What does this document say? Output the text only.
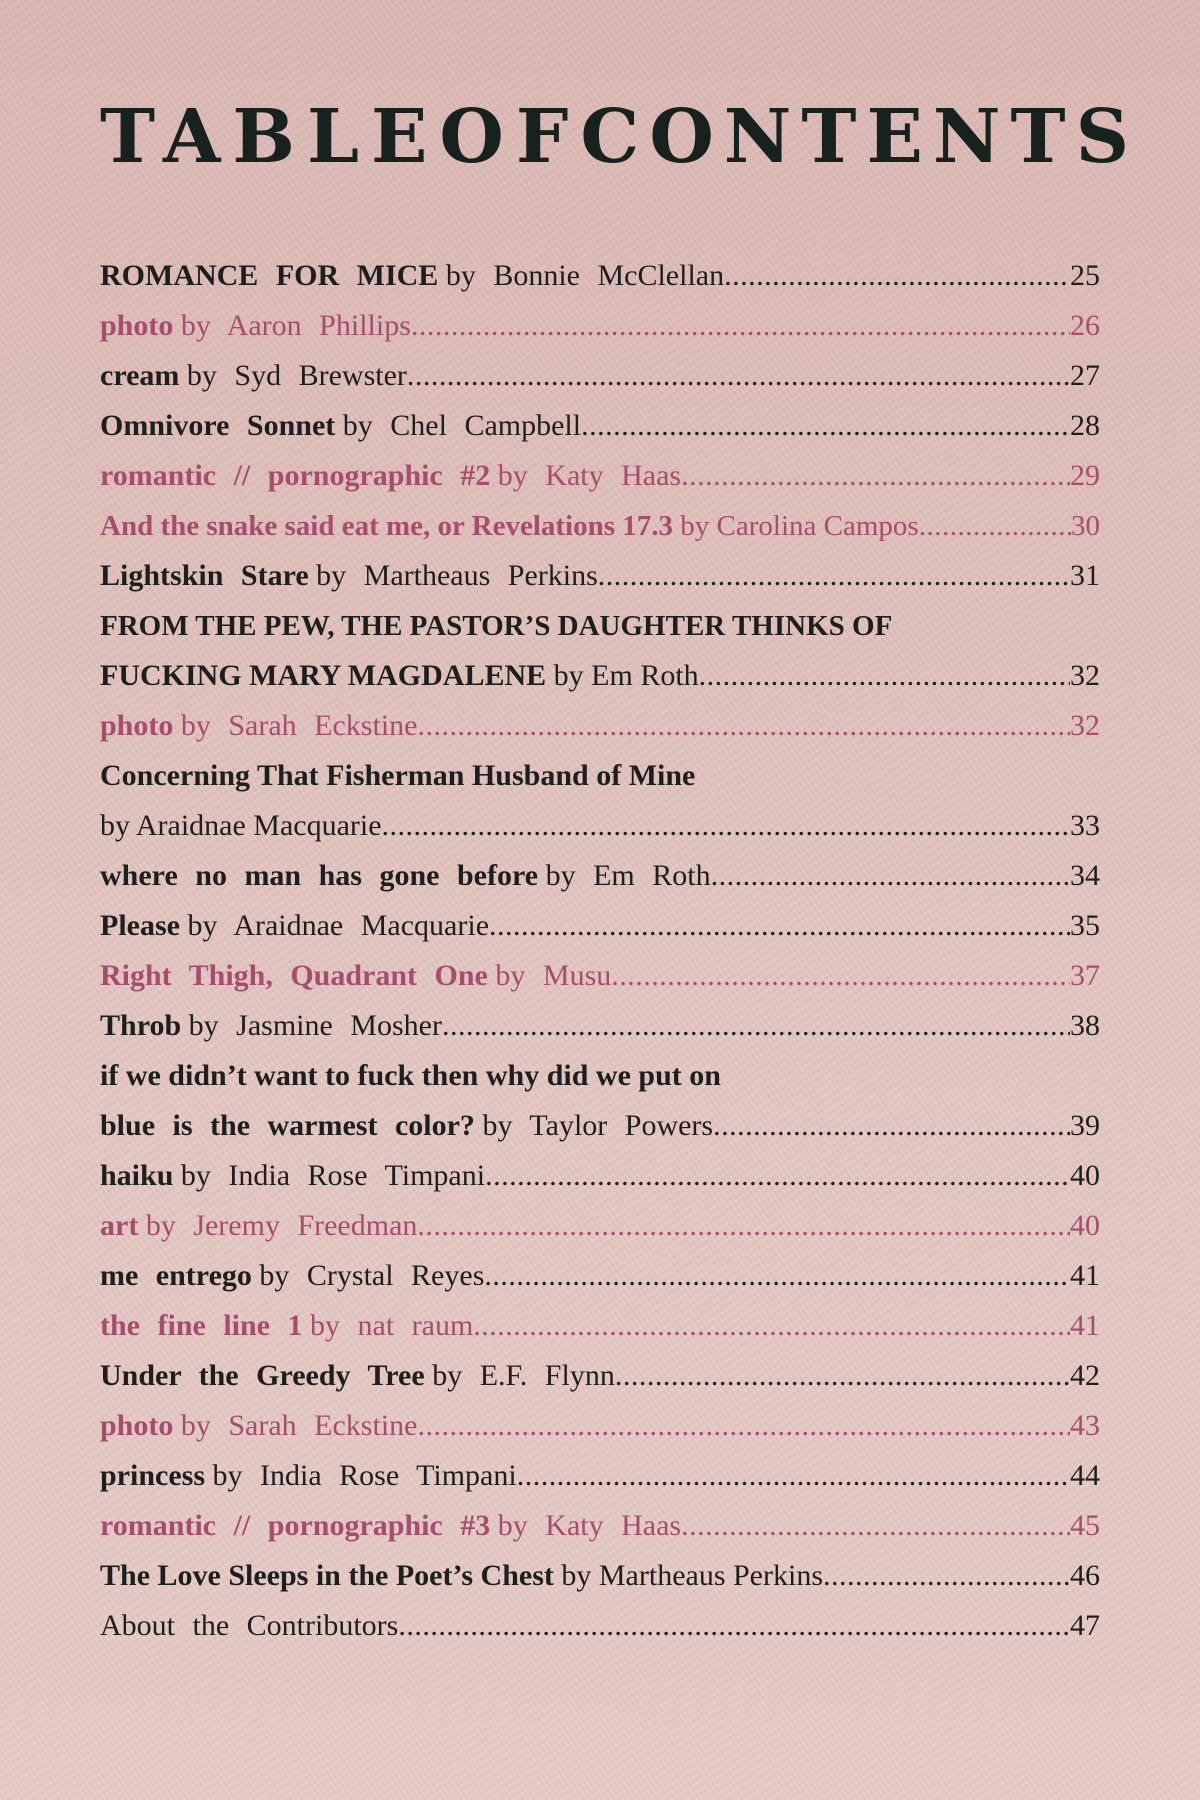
TABLE OF CONTENTS
ROMANCE FOR MICE
by Bonnie McClellan .....	25
photo
by Aaron Phillips .....	26
cream
by Syd Brewster .....	27
Omnivore Sonnet
by Chel Campbell .....	28
romantic // pornographic #2
by Katy Haas .....	29
And the snake said eat me, or Revelations 17.3
by Carolina Campos .....	30
Lightskin Stare
by Martheaus Perkins .....	31
FROM THE PEW, THE PASTOR’S DAUGHTER THINKS OF
FUCKING MARY MAGDALENE
by Em Roth .....	32
photo
by Sarah Eckstine .....	32
Concerning That Fisherman Husband of Mine
by Araidnae Macquarie .....	33
where no man has gone before
by Em Roth .....	34
Please
by Araidnae Macquarie .....	35
Right Thigh, Quadrant One
by Musu .....	37
Throb
by Jasmine Mosher .....	38
if we didn’t want to fuck then why did we put on
blue is the warmest color?
by Taylor Powers .....	39
haiku
by India Rose Timpani .....	40
art
by Jeremy Freedman .....	40
me entrego
by Crystal Reyes .....	41
the fine line 1
by nat raum .....	41
Under the Greedy Tree
by E.F. Flynn .....	42
photo
by Sarah Eckstine .....	43
princess
by India Rose Timpani .....	44
romantic // pornographic #3
by Katy Haas .....	45
The Love Sleeps in the Poet’s Chest
by Martheaus Perkins .....	46
About the Contributors .....	47
